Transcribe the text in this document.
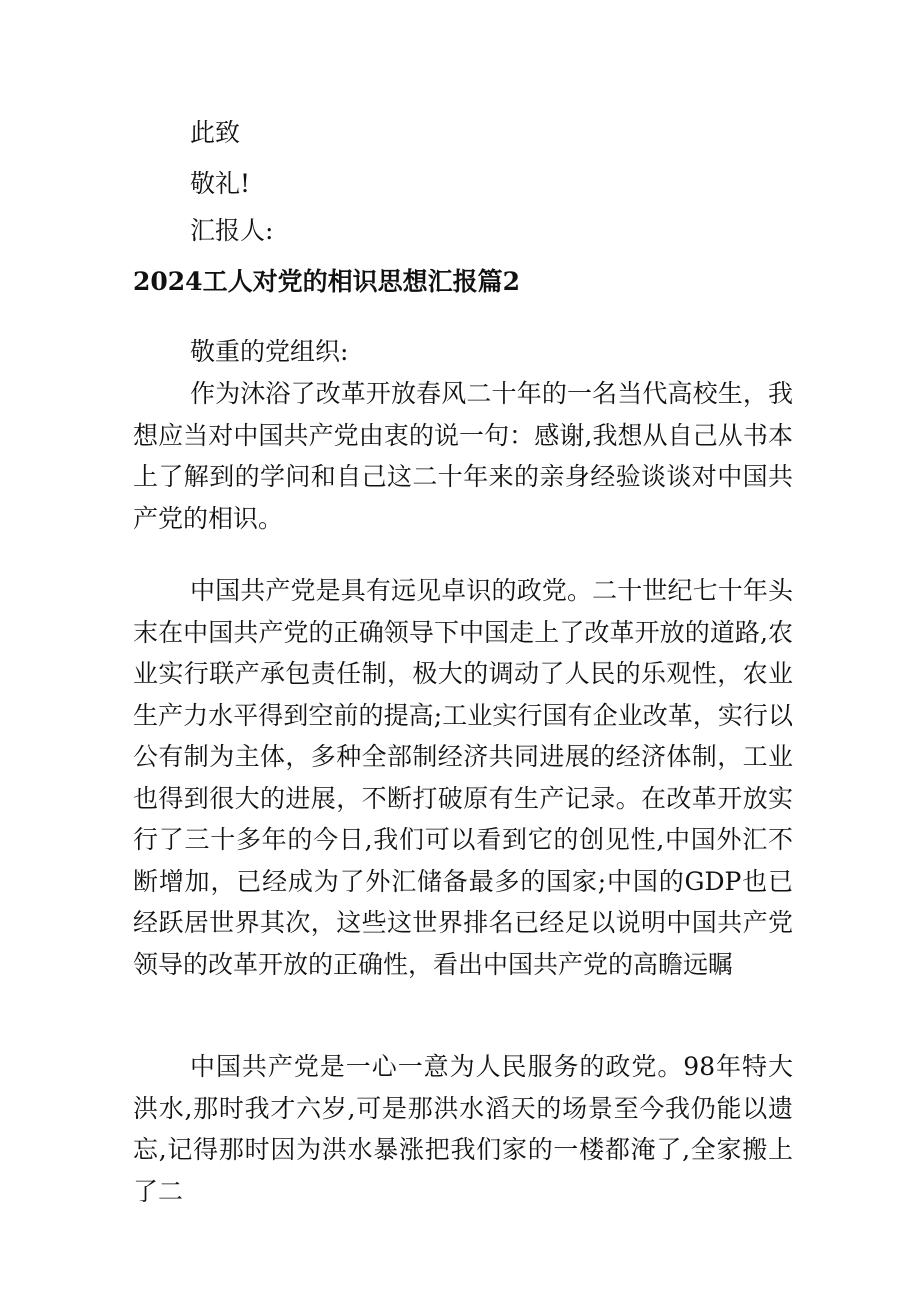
此致
敬礼!
汇报人:
2024工人对党的相识思想汇报篇2
敬重的党组织:

作为沐浴了改革开放春风二十年的一名当代高校生，我想应当对中国共产党由衷的说一句：感谢,我想从自己从书本上了解到的学问和自己这二十年来的亲身经验谈谈对中国共产党的相识。

中国共产党是具有远见卓识的政党。二十世纪七十年头末在中国共产党的正确领导下中国走上了改革开放的道路,农业实行联产承包责任制，极大的调动了人民的乐观性，农业生产力水平得到空前的提高;工业实行国有企业改革，实行以公有制为主体，多种全部制经济共同进展的经济体制，工业也得到很大的进展，不断打破原有生产记录。在改革开放实行了三十多年的今日,我们可以看到它的创见性,中国外汇不断增加，已经成为了外汇储备最多的国家;中国的GDP也已经跃居世界其次，这些这世界排名已经足以说明中国共产党领导的改革开放的正确性，看出中国共产党的高瞻远瞩

中国共产党是一心一意为人民服务的政党。98年特大洪水,那时我才六岁,可是那洪水滔天的场景至今我仍能以遗忘,记得那时因为洪水暴涨把我们家的一楼都淹了,全家搬上了二
